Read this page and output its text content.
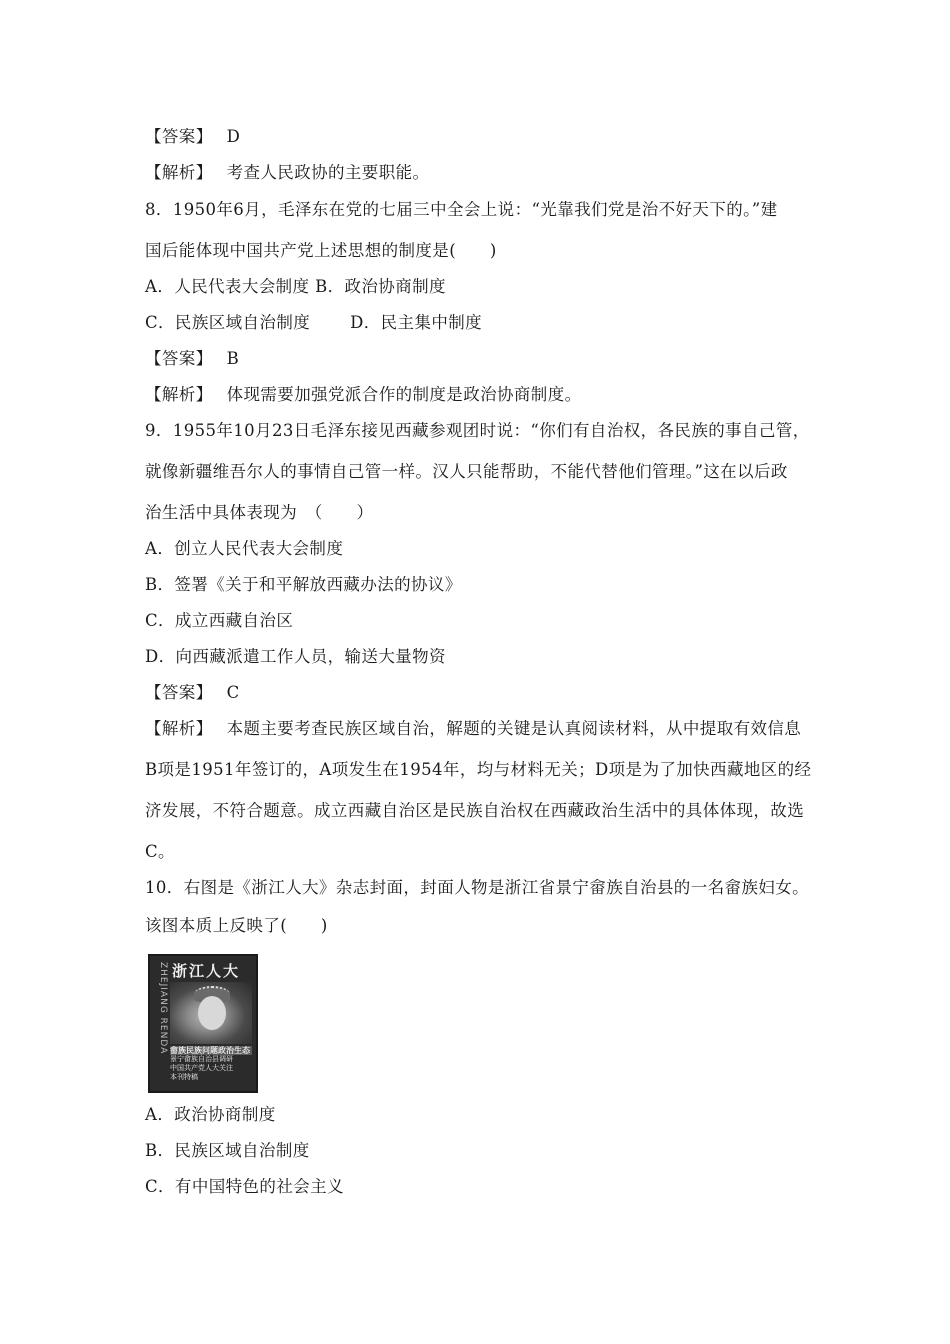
【答案】 D
【解析】 考查人民政协的主要职能。
8．1950年6月，毛泽东在党的七届三中全会上说：“光靠我们党是治不好天下的。”建
国后能体现中国共产党上述思想的制度是(　　)
A．人民代表大会制度 B．政治协商制度
C．民族区域自治制度 D．民主集中制度
【答案】 B
【解析】 体现需要加强党派合作的制度是政治协商制度。
9．1955年10月23日毛泽东接见西藏参观团时说：“你们有自治权，各民族的事自己管，
就像新疆维吾尔人的事情自己管一样。汉人只能帮助，不能代替他们管理。”这在以后政
治生活中具体表现为　（　　）
A．创立人民代表大会制度
B．签署《关于和平解放西藏办法的协议》
C．成立西藏自治区
D．向西藏派遣工作人员，输送大量物资
【答案】 C
【解析】 本题主要考查民族区域自治，解题的关键是认真阅读材料，从中提取有效信息
B项是1951年签订的，A项发生在1954年，均与材料无关；D项是为了加快西藏地区的经
济发展，不符合题意。成立西藏自治区是民族自治权在西藏政治生活中的具体体现，故选
C。
10．右图是《浙江人大》杂志封面，封面人物是浙江省景宁畲族自治县的一名畲族妇女。
该图本质上反映了(　　)
ZHEJIANG RENDA 浙江人大
畲族民族问题政治生态
景宁畲族自治县调研
中国共产党人大关注
本刊特稿
A．政治协商制度
B．民族区域自治制度
C．有中国特色的社会主义
